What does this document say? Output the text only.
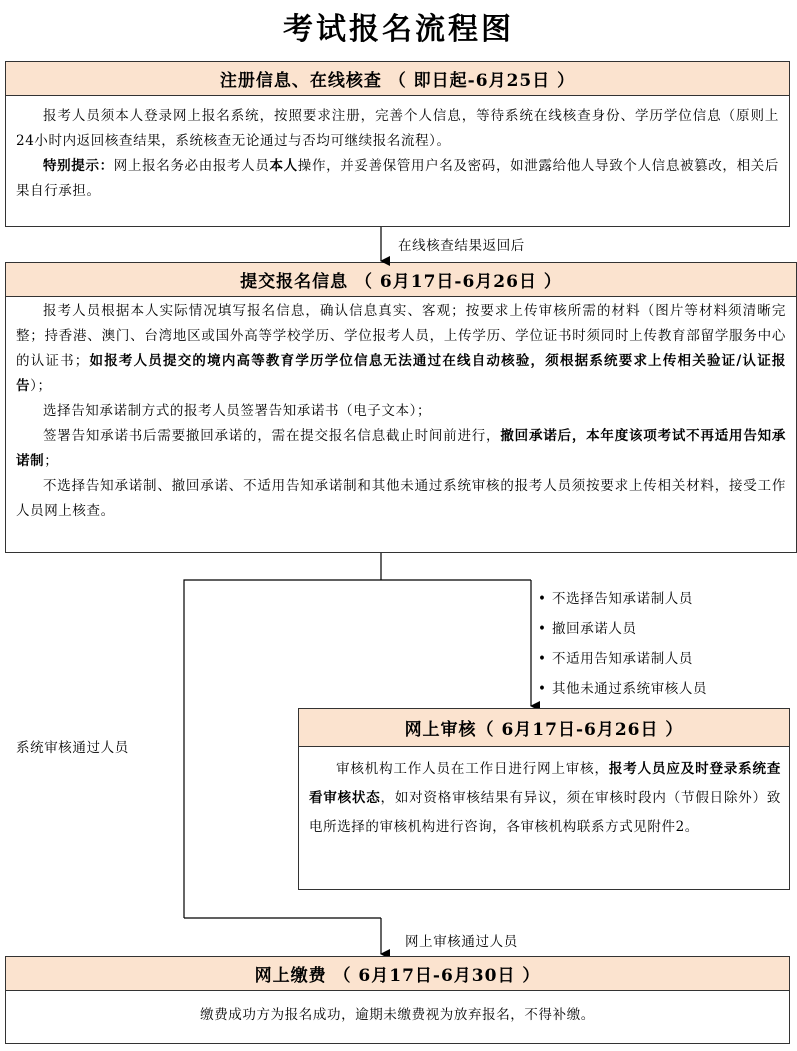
考试报名流程图
注册信息、在线核查 （ 即日起-6月25日 ）

报考人员须本人登录网上报名系统，按照要求注册，完善个人信息，等待系统在线核查身份、学历学位信息（原则上24小时内返回核查结果，系统核查无论通过与否均可继续报名流程）。

特别提示：网上报名务必由报考人员本人操作，并妥善保管用户名及密码，如泄露给他人导致个人信息被篡改，相关后果自行承担。

在线核查结果返回后
提交报名信息 （ 6月17日-6月26日 ）

报考人员根据本人实际情况填写报名信息，确认信息真实、客观；按要求上传审核所需的材料（图片等材料须清晰完整；持香港、澳门、台湾地区或国外高等学校学历、学位报考人员，上传学历、学位证书时须同时上传教育部留学服务中心的认证书；如报考人员提交的境内高等教育学历学位信息无法通过在线自动核验，须根据系统要求上传相关验证/认证报告）；

选择告知承诺制方式的报考人员签署告知承诺书（电子文本）；

签署告知承诺书后需要撤回承诺的，需在提交报名信息截止时间前进行，撤回承诺后，本年度该项考试不再适用告知承诺制；

不选择告知承诺制、撤回承诺、不适用告知承诺制和其他未通过系统审核的报考人员须按要求上传相关材料，接受工作人员网上核查。

• 不选择告知承诺制人员
• 撤回承诺人员
• 不适用告知承诺制人员
• 其他未通过系统审核人员
系统审核通过人员
网上审核（ 6月17日-6月26日 ）

审核机构工作人员在工作日进行网上审核，报考人员应及时登录系统查看审核状态，如对资格审核结果有异议，须在审核时段内（节假日除外）致电所选择的审核机构进行咨询，各审核机构联系方式见附件2。

网上审核通过人员
网上缴费 （ 6月17日-6月30日 ）
缴费成功方为报名成功，逾期未缴费视为放弃报名，不得补缴。
